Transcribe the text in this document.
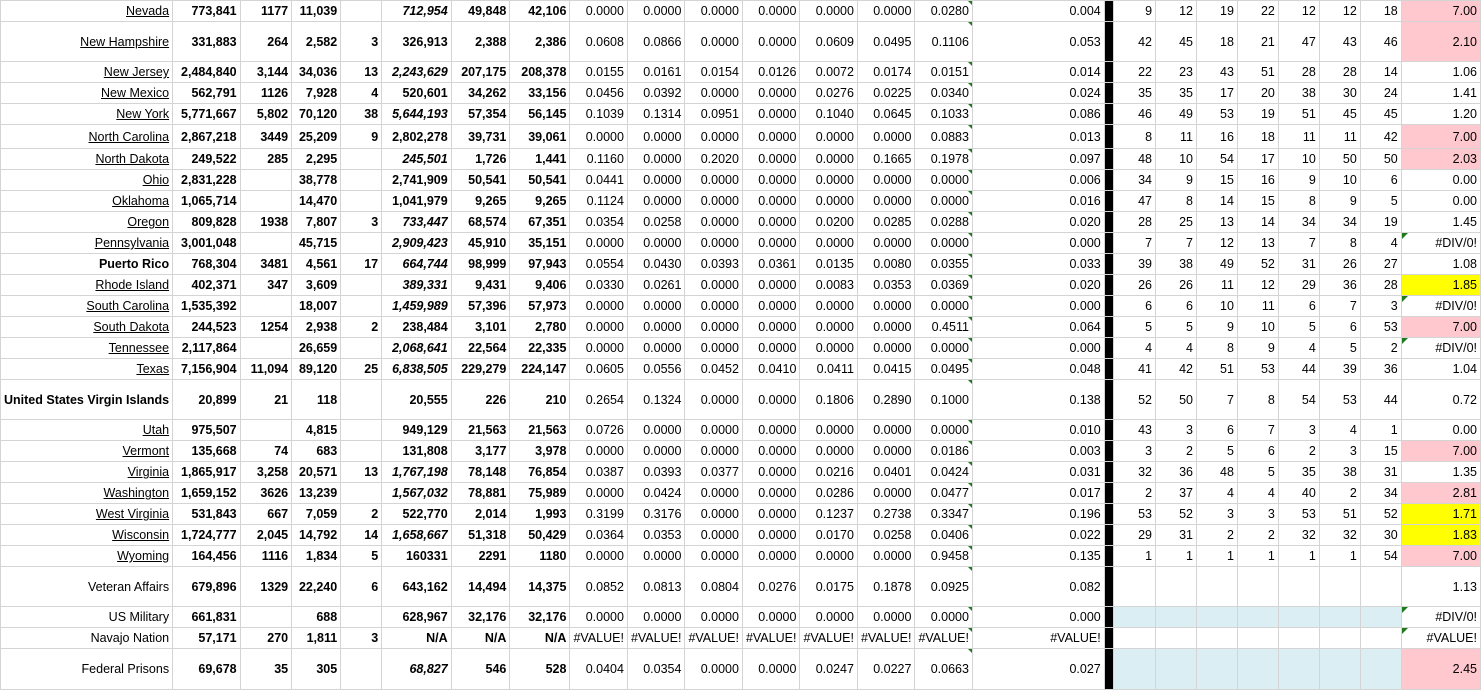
Nevada	773,841	1177	11,039		712,954	49,848	42,106	0.0000	0.0000	0.0000	0.0000	0.0000	0.0000	0.0280	0.004		9	12	19	22	12	12	18	7.00
New Hampshire	331,883	264	2,582	3	326,913	2,388	2,386	0.0608	0.0866	0.0000	0.0000	0.0609	0.0495	0.1106	0.053		42	45	18	21	47	43	46	2.10
New Jersey	2,484,840	3,144	34,036	13	2,243,629	207,175	208,378	0.0155	0.0161	0.0154	0.0126	0.0072	0.0174	0.0151	0.014		22	23	43	51	28	28	14	1.06
New Mexico	562,791	1126	7,928	4	520,601	34,262	33,156	0.0456	0.0392	0.0000	0.0000	0.0276	0.0225	0.0340	0.024		35	35	17	20	38	30	24	1.41
New York	5,771,667	5,802	70,120	38	5,644,193	57,354	56,145	0.1039	0.1314	0.0951	0.0000	0.1040	0.0645	0.1033	0.086		46	49	53	19	51	45	45	1.20
North Carolina	2,867,218	3449	25,209	9	2,802,278	39,731	39,061	0.0000	0.0000	0.0000	0.0000	0.0000	0.0000	0.0883	0.013		8	11	16	18	11	11	42	7.00
North Dakota	249,522	285	2,295		245,501	1,726	1,441	0.1160	0.0000	0.2020	0.0000	0.0000	0.1665	0.1978	0.097		48	10	54	17	10	50	50	2.03
Ohio	2,831,228		38,778		2,741,909	50,541	50,541	0.0441	0.0000	0.0000	0.0000	0.0000	0.0000	0.0000	0.006		34	9	15	16	9	10	6	0.00
Oklahoma	1,065,714		14,470		1,041,979	9,265	9,265	0.1124	0.0000	0.0000	0.0000	0.0000	0.0000	0.0000	0.016		47	8	14	15	8	9	5	0.00
Oregon	809,828	1938	7,807	3	733,447	68,574	67,351	0.0354	0.0258	0.0000	0.0000	0.0200	0.0285	0.0288	0.020		28	25	13	14	34	34	19	1.45
Pennsylvania	3,001,048		45,715		2,909,423	45,910	35,151	0.0000	0.0000	0.0000	0.0000	0.0000	0.0000	0.0000	0.000		7	7	12	13	7	8	4	#DIV/0!
Puerto Rico	768,304	3481	4,561	17	664,744	98,999	97,943	0.0554	0.0430	0.0393	0.0361	0.0135	0.0080	0.0355	0.033		39	38	49	52	31	26	27	1.08
Rhode Island	402,371	347	3,609		389,331	9,431	9,406	0.0330	0.0261	0.0000	0.0000	0.0083	0.0353	0.0369	0.020		26	26	11	12	29	36	28	1.85
South Carolina	1,535,392		18,007		1,459,989	57,396	57,973	0.0000	0.0000	0.0000	0.0000	0.0000	0.0000	0.0000	0.000		6	6	10	11	6	7	3	#DIV/0!
South Dakota	244,523	1254	2,938	2	238,484	3,101	2,780	0.0000	0.0000	0.0000	0.0000	0.0000	0.0000	0.4511	0.064		5	5	9	10	5	6	53	7.00
Tennessee	2,117,864		26,659		2,068,641	22,564	22,335	0.0000	0.0000	0.0000	0.0000	0.0000	0.0000	0.0000	0.000		4	4	8	9	4	5	2	#DIV/0!
Texas	7,156,904	11,094	89,120	25	6,838,505	229,279	224,147	0.0605	0.0556	0.0452	0.0410	0.0411	0.0415	0.0495	0.048		41	42	51	53	44	39	36	1.04
United States Virgin Islands	20,899	21	118		20,555	226	210	0.2654	0.1324	0.0000	0.0000	0.1806	0.2890	0.1000	0.138		52	50	7	8	54	53	44	0.72
Utah	975,507		4,815		949,129	21,563	21,563	0.0726	0.0000	0.0000	0.0000	0.0000	0.0000	0.0000	0.010		43	3	6	7	3	4	1	0.00
Vermont	135,668	74	683		131,808	3,177	3,978	0.0000	0.0000	0.0000	0.0000	0.0000	0.0000	0.0186	0.003		3	2	5	6	2	3	15	7.00
Virginia	1,865,917	3,258	20,571	13	1,767,198	78,148	76,854	0.0387	0.0393	0.0377	0.0000	0.0216	0.0401	0.0424	0.031		32	36	48	5	35	38	31	1.35
Washington	1,659,152	3626	13,239		1,567,032	78,881	75,989	0.0000	0.0424	0.0000	0.0000	0.0286	0.0000	0.0477	0.017		2	37	4	4	40	2	34	2.81
West Virginia	531,843	667	7,059	2	522,770	2,014	1,993	0.3199	0.3176	0.0000	0.0000	0.1237	0.2738	0.3347	0.196		53	52	3	3	53	51	52	1.71
Wisconsin	1,724,777	2,045	14,792	14	1,658,667	51,318	50,429	0.0364	0.0353	0.0000	0.0000	0.0170	0.0258	0.0406	0.022		29	31	2	2	32	32	30	1.83
Wyoming	164,456	1116	1,834	5	160331	2291	1180	0.0000	0.0000	0.0000	0.0000	0.0000	0.0000	0.9458	0.135		1	1	1	1	1	1	54	7.00
Veteran Affairs	679,896	1329	22,240	6	643,162	14,494	14,375	0.0852	0.0813	0.0804	0.0276	0.0175	0.1878	0.0925	0.082									1.13
US Military	661,831		688		628,967	32,176	32,176	0.0000	0.0000	0.0000	0.0000	0.0000	0.0000	0.0000	0.000									#DIV/0!
Navajo Nation	57,171	270	1,811	3	N/A	N/A	N/A	#VALUE!	#VALUE!	#VALUE!	#VALUE!	#VALUE!	#VALUE!	#VALUE!	#VALUE!									#VALUE!
Federal Prisons	69,678	35	305		68,827	546	528	0.0404	0.0354	0.0000	0.0000	0.0247	0.0227	0.0663	0.027									2.45
